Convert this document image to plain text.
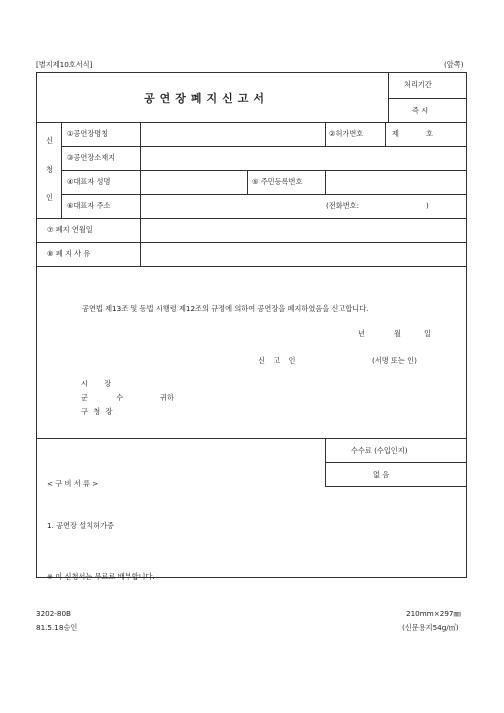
[별지제10호서식]	(앞쪽)
공연장폐지신고서
처리기간
즉 시
신
청
인
①공연장명칭	②허가번호	제	호
③공연장소재지
④대표자 성명	⑤ 주민등록번호
⑥대표자 주소	(전화번호:	)
⑦ 폐지 연월일
⑧ 폐 지 사 유
공연법 제13조 및 동법 시행령 제12조의 규정에 의하여 공연장을 폐지하였음을 신고합니다.
년	월	일
신 고 인	(서명 또는 인)
시 장
군 수	귀하
구 청 장
수수료 (수입인지)
없 음
< 구 비 서 류 >
1. 공연장 설치허가증
※ 이 신청서는 무료로 배부합니다.
3202-80B
81.5.18승인
210mm×297㎜
(신문용지54g/㎡)
